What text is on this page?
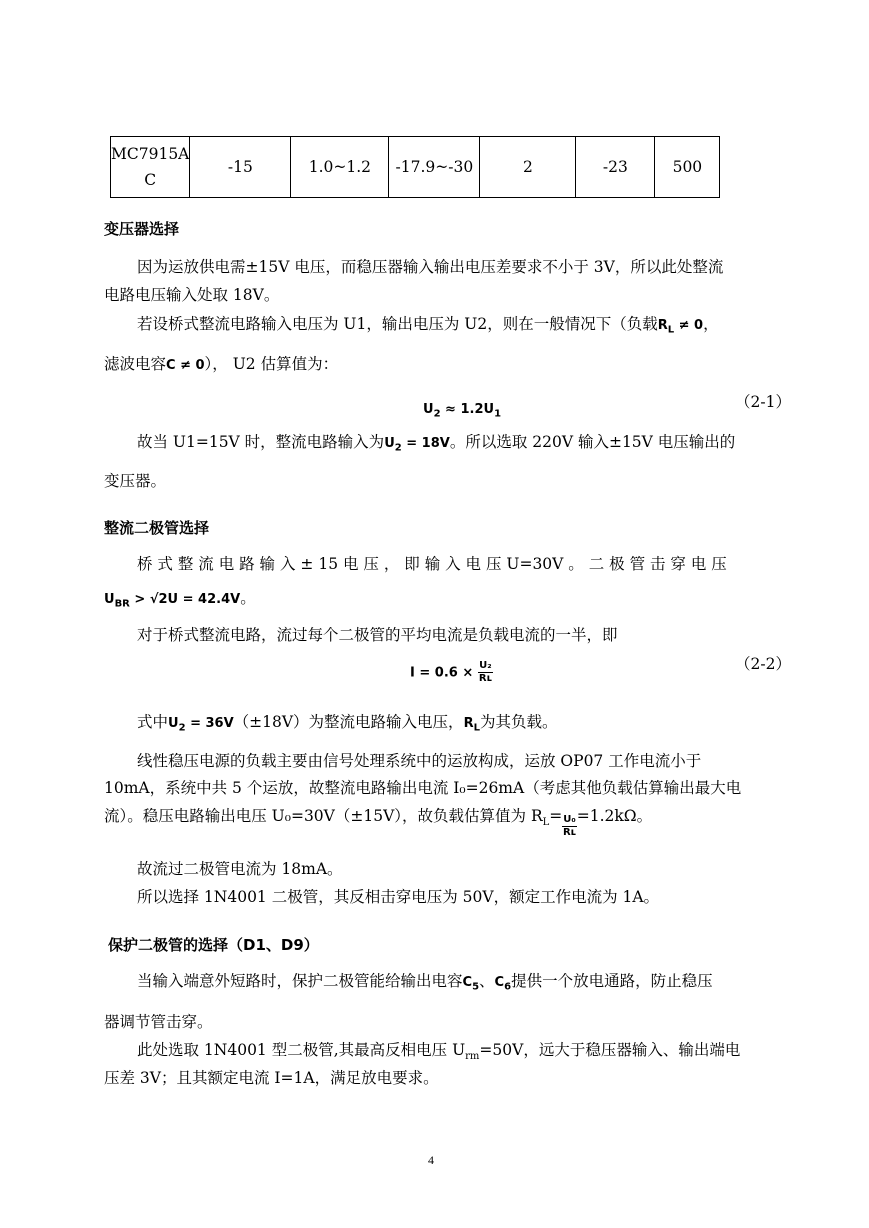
MC7915A
C	-15	1.0~1.2	-17.9~-30	2	-23	500
变压器选择
因为运放供电需±15V 电压，而稳压器输入输出电压差要求不小于 3V，所以此处整流
电路电压输入处取 18V。
若设桥式整流电路输入电压为 U1，输出电压为 U2，则在一般情况下（负载$R_L \ne 0$，
滤波电容C ≠ 0）， U2 估算值为：
$U_2 \approx 1.2U_1$
（2-1）
故当 U1=15V 时，整流电路输入为$U_2 = 18V$。所以选取 220V 输入±15V 电压输出的
变压器。
整流二极管选择
桥 式 整 流 电 路 输 入 ± 15 电 压 ， 即 输 入 电 压 U=30V 。 二 极 管 击 穿 电 压
$U_{BR} > √2U = 42.4V$。
对于桥式整流电路，流过每个二极管的平均电流是负载电流的一半，即
$I = 0.6 \times \frac{\text{U₂}}{\text{Rʟ}}$	（2-2）
式中$U_2 = 36V(\pm 18V)$为整流电路输入电压，$R_L$为其负载。
线性稳压电源的负载主要由信号处理系统中的运放构成，运放 OP07 工作电流小于
10mA，系统中共 5 个运放，故整流电路输出电流 I₀=26mA（考虑其他负载估算输出最大电
流）。稳压电路输出电压 U₀=30V（±15V），故负载估算值为 $R_L= \frac{\text{U₀}}{\text{Rʟ}} =1.2k\Omega$。
故流过二极管电流为 18mA。
所以选择 1N4001 二极管，其反相击穿电压为 50V，额定工作电流为 1A。
保护二极管的选择（D1、D9）
当输入端意外短路时，保护二极管能给输出电容$C_5$、$C_6$提供一个放电通路，防止稳压
器调节管击穿。
此处选取 1N4001 型二极管,其最高反相电压 $U_{rm}=50V$，远大于稳压器输入、输出端电
压差 3V；且其额定电流 I=1A，满足放电要求。
4
